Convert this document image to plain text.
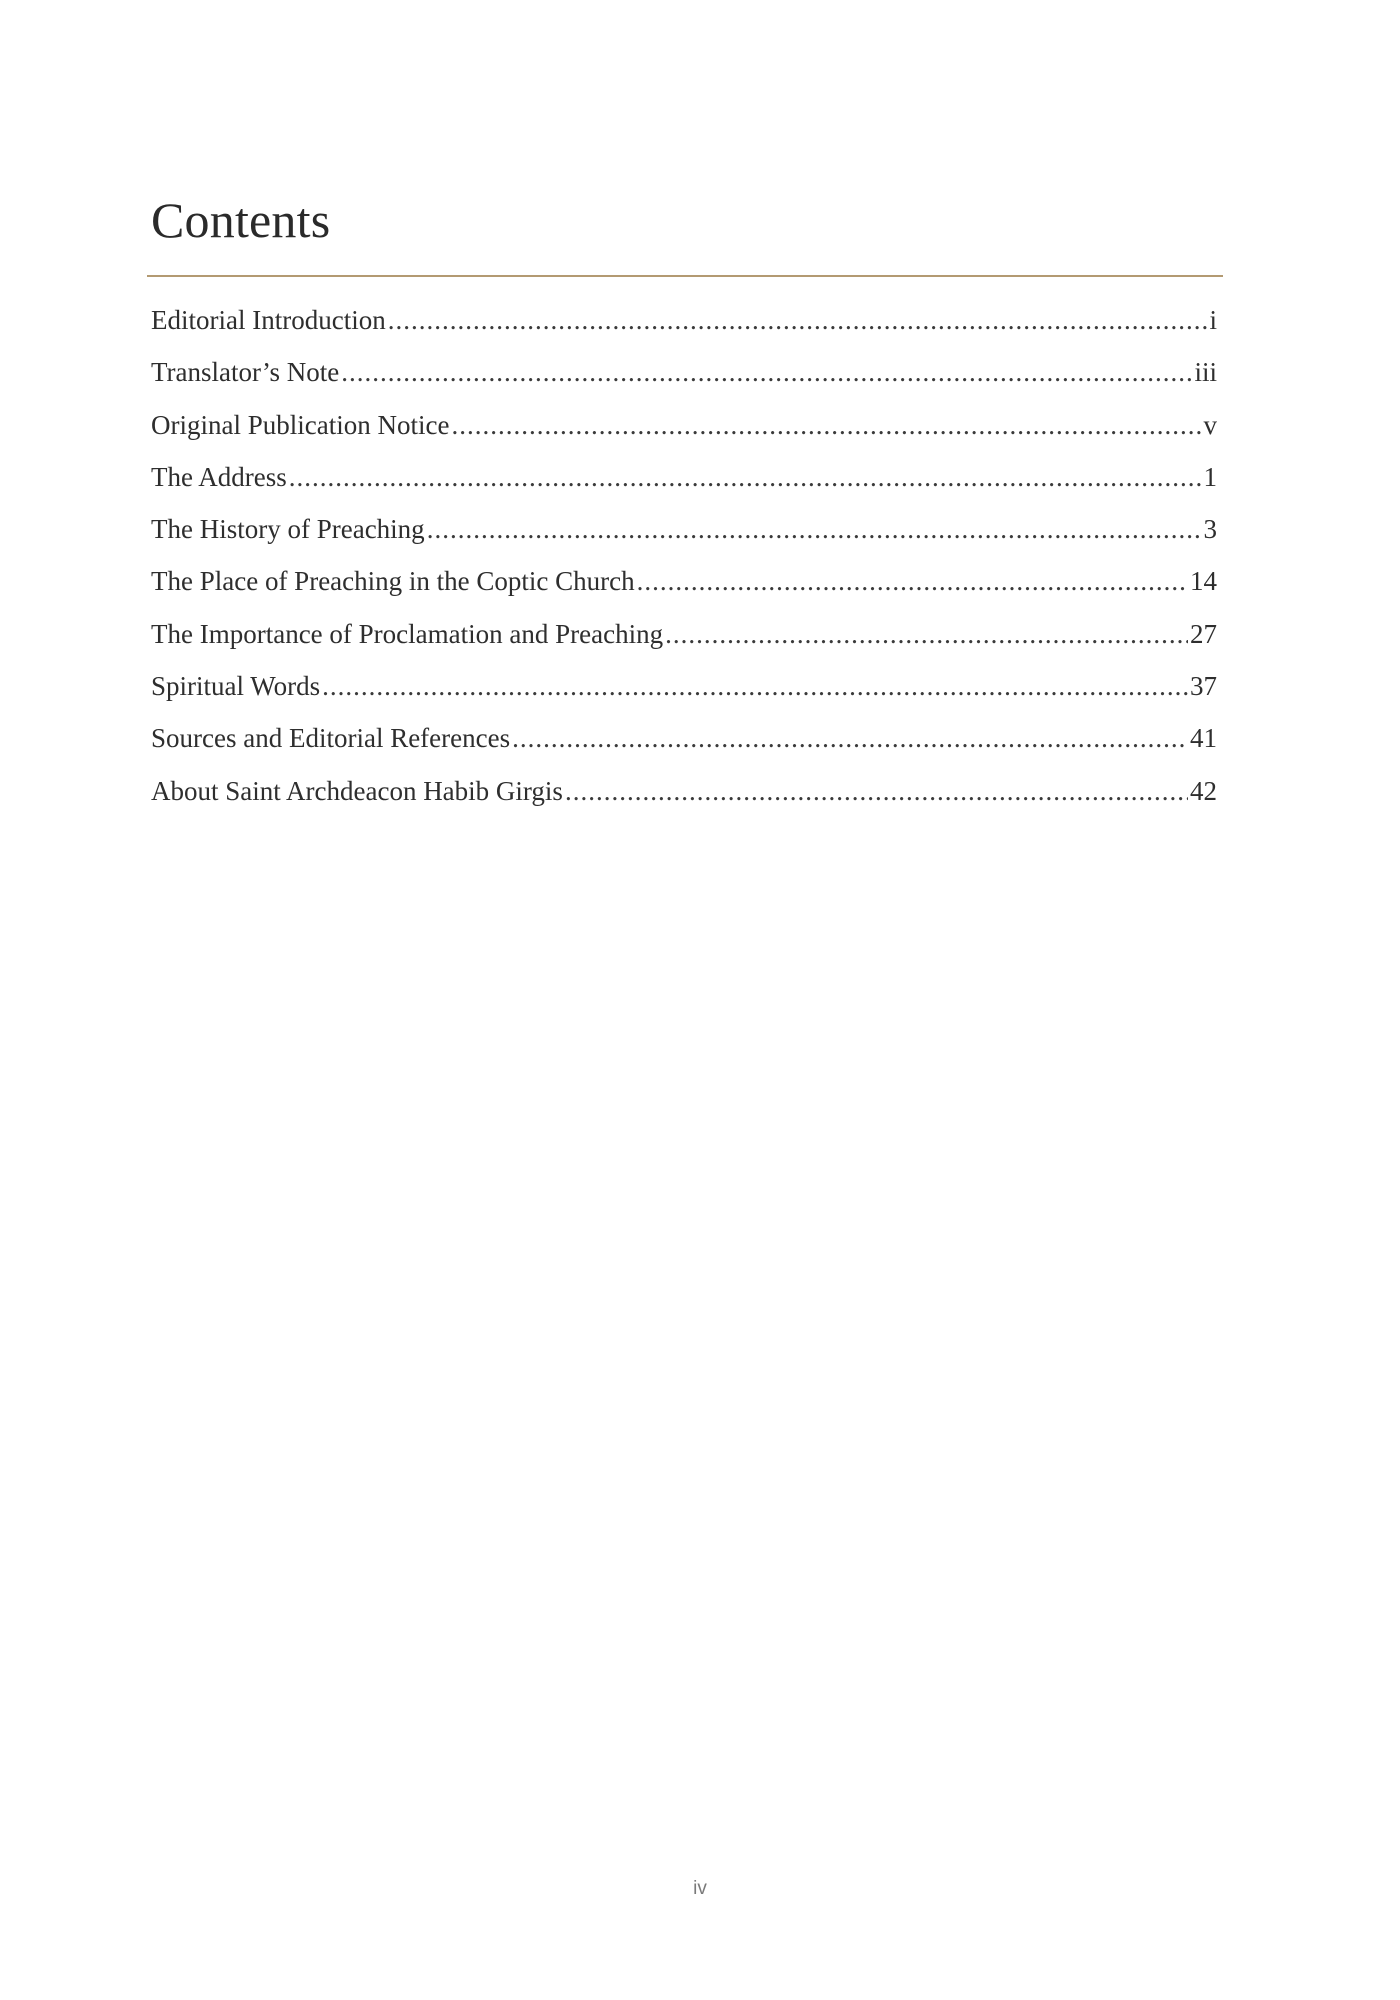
Contents
Editorial Introduction .....	i
Translator’s Note .....	iii
Original Publication Notice .....	v
The Address .....	1
The History of Preaching .....	3
The Place of Preaching in the Coptic Church .....	14
The Importance of Proclamation and Preaching .....	27
Spiritual Words .....	37
Sources and Editorial References .....	41
About Saint Archdeacon Habib Girgis .....	42
iv
